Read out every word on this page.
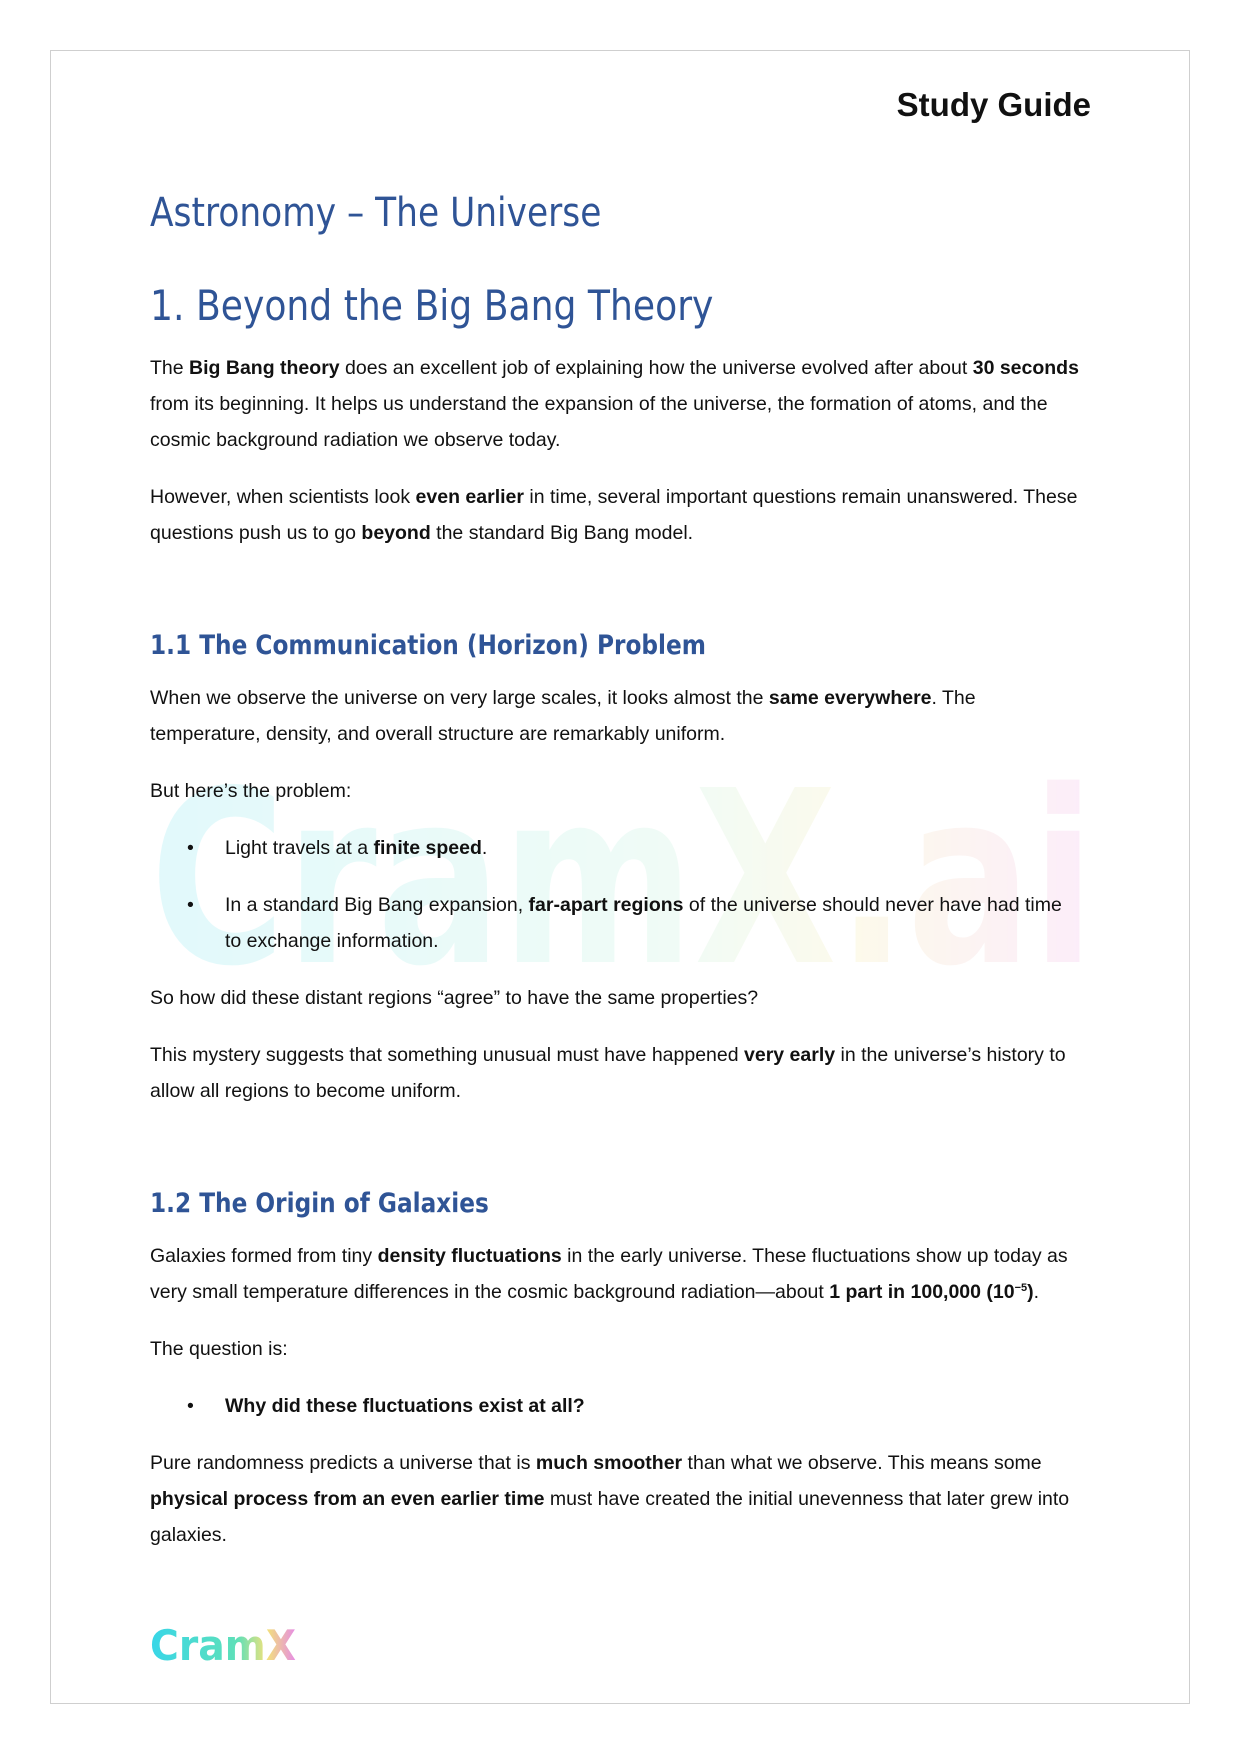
Study Guide
CramX.ai
Astronomy – The Universe
1. Beyond the Big Bang Theory

The Big Bang theory does an excellent job of explaining how the universe evolved after about 30 seconds from its beginning. It helps us understand the expansion of the universe, the formation of atoms, and the cosmic background radiation we observe today.

However, when scientists look even earlier in time, several important questions remain unanswered. These questions push us to go beyond the standard Big Bang model.

1.1 The Communication (Horizon) Problem

When we observe the universe on very large scales, it looks almost the same everywhere. The temperature, density, and overall structure are remarkably uniform.

But here’s the problem:

• Light travels at a finite speed.
• In a standard Big Bang expansion, far-apart regions of the universe should never have had time to exchange information.

So how did these distant regions “agree” to have the same properties?

This mystery suggests that something unusual must have happened very early in the universe’s history to allow all regions to become uniform.

1.2 The Origin of Galaxies

Galaxies formed from tiny density fluctuations in the early universe. These fluctuations show up today as very small temperature differences in the cosmic background radiation—about 1 part in 100,000 $(10^{-5})$.

The question is:

• Why did these fluctuations exist at all?

Pure randomness predicts a universe that is much smoother than what we observe. This means some physical process from an even earlier time must have created the initial unevenness that later grew into galaxies.

CramX
